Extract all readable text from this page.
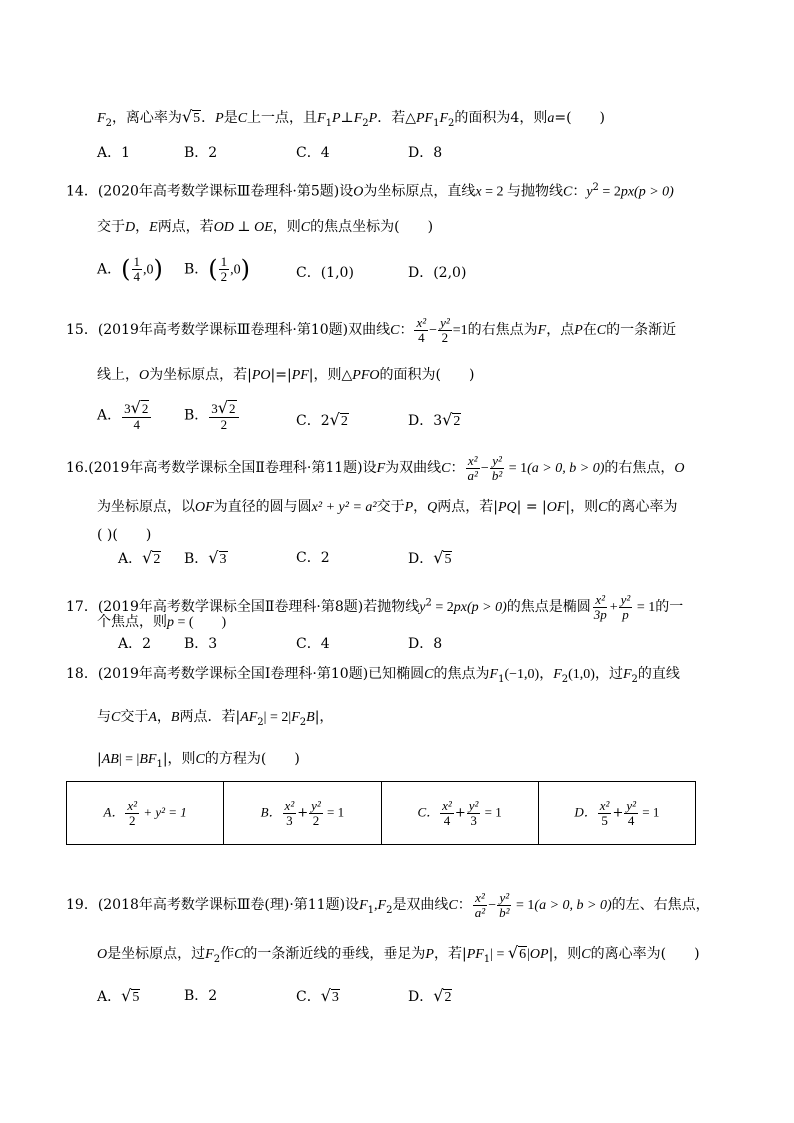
$F_2$，离心率为√5．P是C上一点，且$F_1P\perp F_2P$．若$\triangle PF_1F_2$的面积为4，则a=(　　)
A．1	B．2	C．4	D．8
14．(2020年高考数学课标Ⅲ卷理科·第5题)设O为坐标原点，直线x = 2 与抛物线C：$y^2 = 2px(p > 0)$
交于D，E两点，若OD ⊥ OE，则C的焦点坐标为(　　)
A．( $\frac{1}{4} ,0$) B．( $\frac{1}{2} ,0$)	C．(1,0)	D．(2,0)
15．(2019年高考数学课标Ⅲ卷理科·第10题)双曲线C： $\frac{\text{x²}}{4} - \frac{\text{y²}}{2} =1$的右焦点为F，点P在C的一条渐近
线上，O为坐标原点，若|PO|=|PF|，则△PFO的面积为(　　)
A． $\frac{3√2}{4}$ B． $\frac{3√2}{2}$	C．2√2	D．3√2
16.(2019年高考数学课标全国Ⅱ卷理科·第11题)设F为双曲线C： $\frac{\text{x²}}{\text{a²}} - \frac{\text{y²}}{\text{b²}} = 1(a > 0$, b > 0)的右焦点，O
为坐标原点，以OF为直径的圆与圆x² + y² = a²交于P，Q两点，若|PQ| = |OF|，则C的离心率为
( )(　　)
A．√2 B．√3	C．2	D．√5
17．(2019年高考数学课标全国Ⅱ卷理科·第8题)若抛物线$y^2 = 2px(p > 0)$的焦点是椭圆 $\frac{\text{x²}}{3p} + \frac{\text{y²}}{p} = 1$的一
个焦点，则p = (　　)
A．2 B．3	C．4	D．8
18．(2019年高考数学课标全国Ⅰ卷理科·第10题)已知椭圆C的焦点为$F_1(-1,0)$，$F_2(1,0)$，过$F_2$的直线
与C交于A，B两点．若$|AF_2| = 2|F_2B|$，
$|AB| = |BF_1|$，则C的方程为(　　)
A． $\frac{\text{x²}}{2} + y^2 = 1$	B． $\frac{\text{x²}}{3} + \frac{\text{y²}}{2} = 1$	C． $\frac{\text{x²}}{4} + \frac{\text{y²}}{3} = 1$	D． $\frac{\text{x²}}{5} + \frac{\text{y²}}{4} = 1$
19．(2018年高考数学课标Ⅲ卷(理)·第11题)设$F_1,F_2$是双曲线C： $\frac{\text{x²}}{\text{a²}} - \frac{\text{y²}}{\text{b²}} = 1(a > 0$, b > 0)的左、右焦点，
O是坐标原点，过$F_2$作C的一条渐近线的垂线，垂足为P，若$|PF_1| = √6|OP|$，则C的离心率为(　　)
A．√5	B．2	C．√3	D．√2
